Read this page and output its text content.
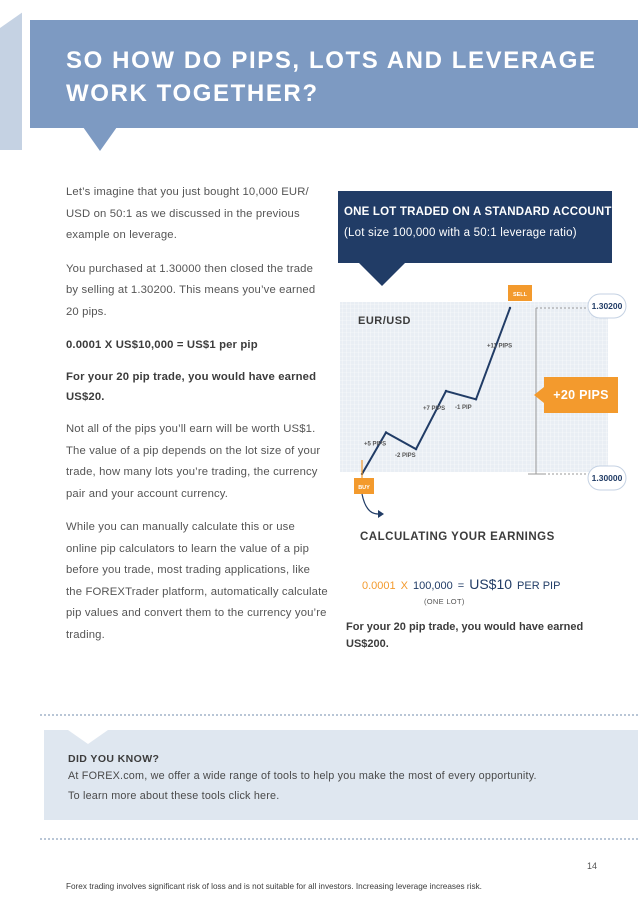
SO HOW DO PIPS, LOTS AND LEVERAGE
WORK TOGETHER?

Let’s imagine that you just bought 10,000 EUR/ USD on 50:1 as we discussed in the previous example on leverage.

You purchased at 1.30000 then closed the trade by selling at 1.30200. This means you’ve earned 20 pips.

0.0001 X US$10,000 = US$1 per pip

For your 20 pip trade, you would have earned US$20.

Not all of the pips you’ll earn will be worth US$1. The value of a pip depends on the lot size of your trade, how many lots you’re trading, the currency pair and your account currency.

While you can manually calculate this or use online pip calculators to learn the value of a pip before you trade, most trading applications, like the FOREXTrader platform, automatically calculate pip values and convert them to the currency you’re trading.

ONE LOT TRADED ON A STANDARD ACCOUNT
(Lot size 100,000 with a 50:1 leverage ratio)
EUR/USD
+5 PIPS
-2 PIPS
+7 PIPS -1 PIP
+11 PIPS
BUY
SELL
1.30200
1.30000
+20 PIPS
CALCULATING YOUR EARNINGS
0.0001 X 100,000 = US$10 PER PIP
(ONE LOT)
For your 20 pip trade, you would have earned US$200.
DID YOU KNOW?
At FOREX.com, we offer a wide range of tools to help you make the most of every opportunity.
To learn more about these tools click here.
14
Forex trading involves significant risk of loss and is not suitable for all investors. Increasing leverage increases risk.
